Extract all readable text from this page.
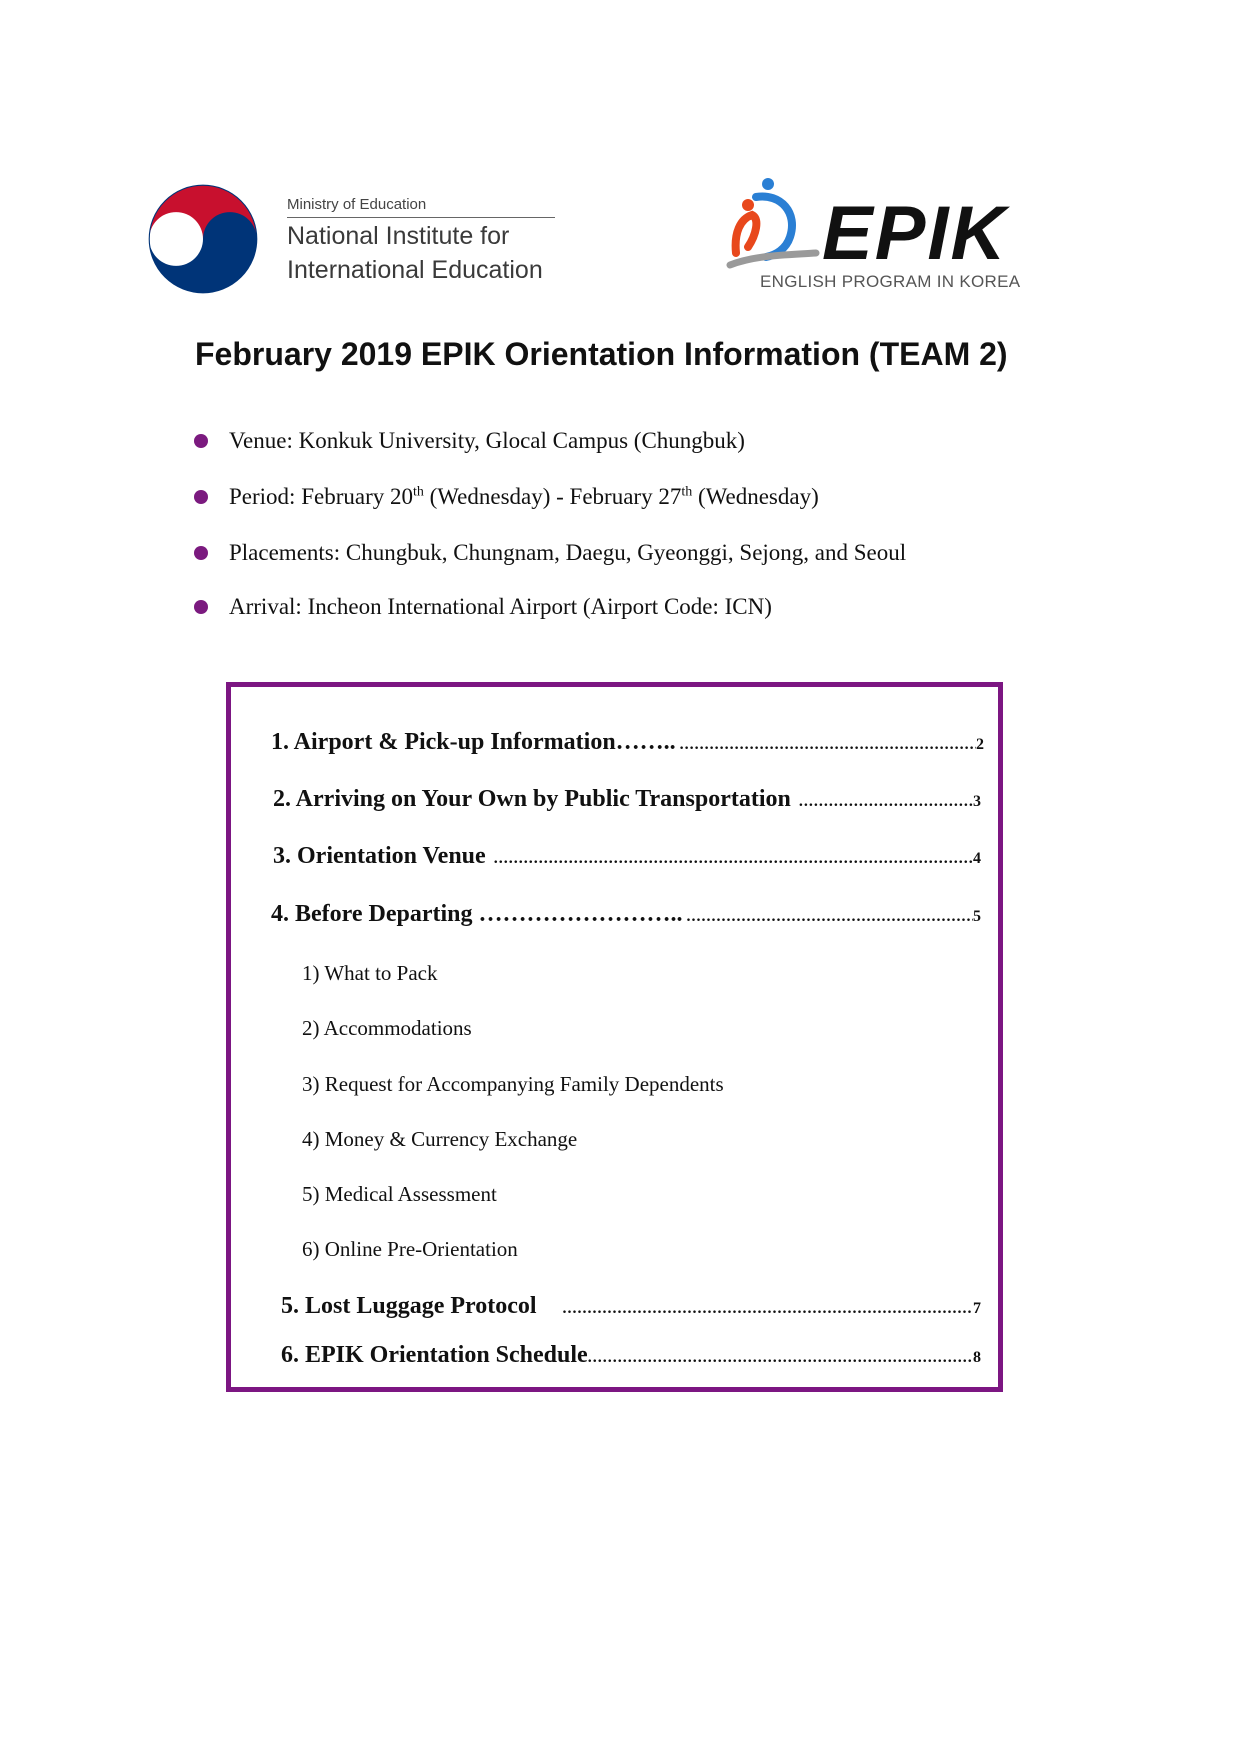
Ministry of Education
National Institute for
International Education	EPIK
ENGLISH PROGRAM IN KOREA
February 2019 EPIK Orientation Information (TEAM 2)
Venue: Konkuk University, Glocal Campus (Chungbuk)
Period: February 20th (Wednesday) - February 27th (Wednesday)
Placements: Chungbuk, Chungnam, Daegu, Gyeonggi, Sejong, and Seoul
Arrival: Incheon International Airport (Airport Code: ICN)
1. Airport & Pick-up Information…….. .....	2
2. Arriving on Your Own by Public Transportation .....	3
3. Orientation Venue .....	4
4. Before Departing …………………….. .....	5
1) What to Pack
2) Accommodations
3) Request for Accompanying Family Dependents
4) Money & Currency Exchange
5) Medical Assessment
6) Online Pre-Orientation
5. Lost Luggage Protocol .....	7
6. EPIK Orientation Schedule .....	8
